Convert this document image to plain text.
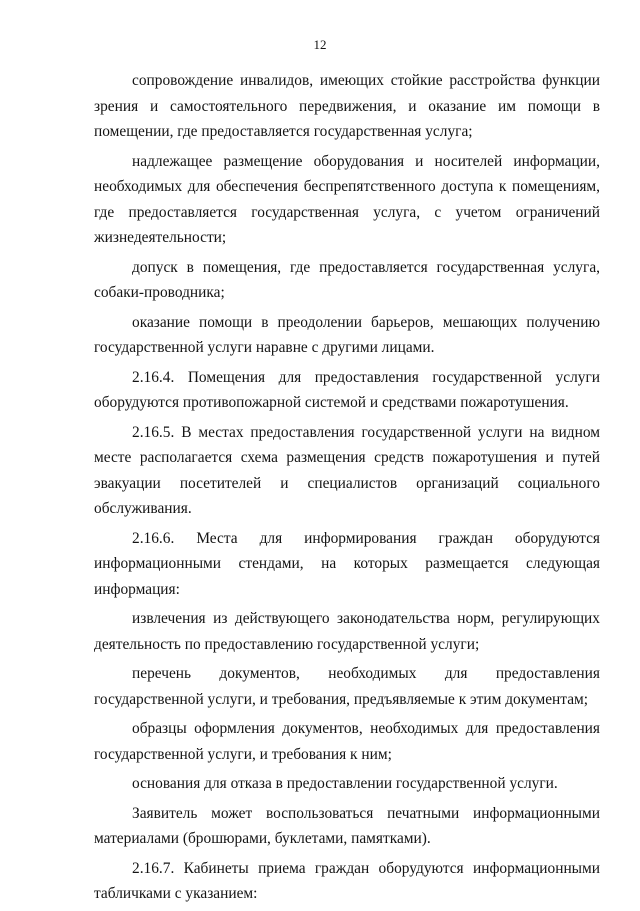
12

сопровождение инвалидов, имеющих стойкие расстройства функции зрения и самостоятельного передвижения, и оказание им помощи в помещении, где предоставляется государственная услуга;

надлежащее размещение оборудования и носителей информации, необходимых для обеспечения беспрепятственного доступа к помещениям, где предоставляется государственная услуга, с учетом ограничений жизнедеятельности;

допуск в помещения, где предоставляется государственная услуга, собаки-проводника;

оказание помощи в преодолении барьеров, мешающих получению государственной услуги наравне с другими лицами.

2.16.4. Помещения для предоставления государственной услуги оборудуются противопожарной системой и средствами пожаротушения.

2.16.5. В местах предоставления государственной услуги на видном месте располагается схема размещения средств пожаротушения и путей эвакуации посетителей и специалистов организаций социального обслуживания.

2.16.6. Места для информирования граждан оборудуются информационными стендами, на которых размещается следующая информация:

извлечения из действующего законодательства норм, регулирующих деятельность по предоставлению государственной услуги;

перечень документов, необходимых для предоставления государственной услуги, и требования, предъявляемые к этим документам;

образцы оформления документов, необходимых для предоставления государственной услуги, и требования к ним;

основания для отказа в предоставлении государственной услуги.

Заявитель может воспользоваться печатными информационными материалами (брошюрами, буклетами, памятками).

2.16.7. Кабинеты приема граждан оборудуются информационными табличками с указанием:
